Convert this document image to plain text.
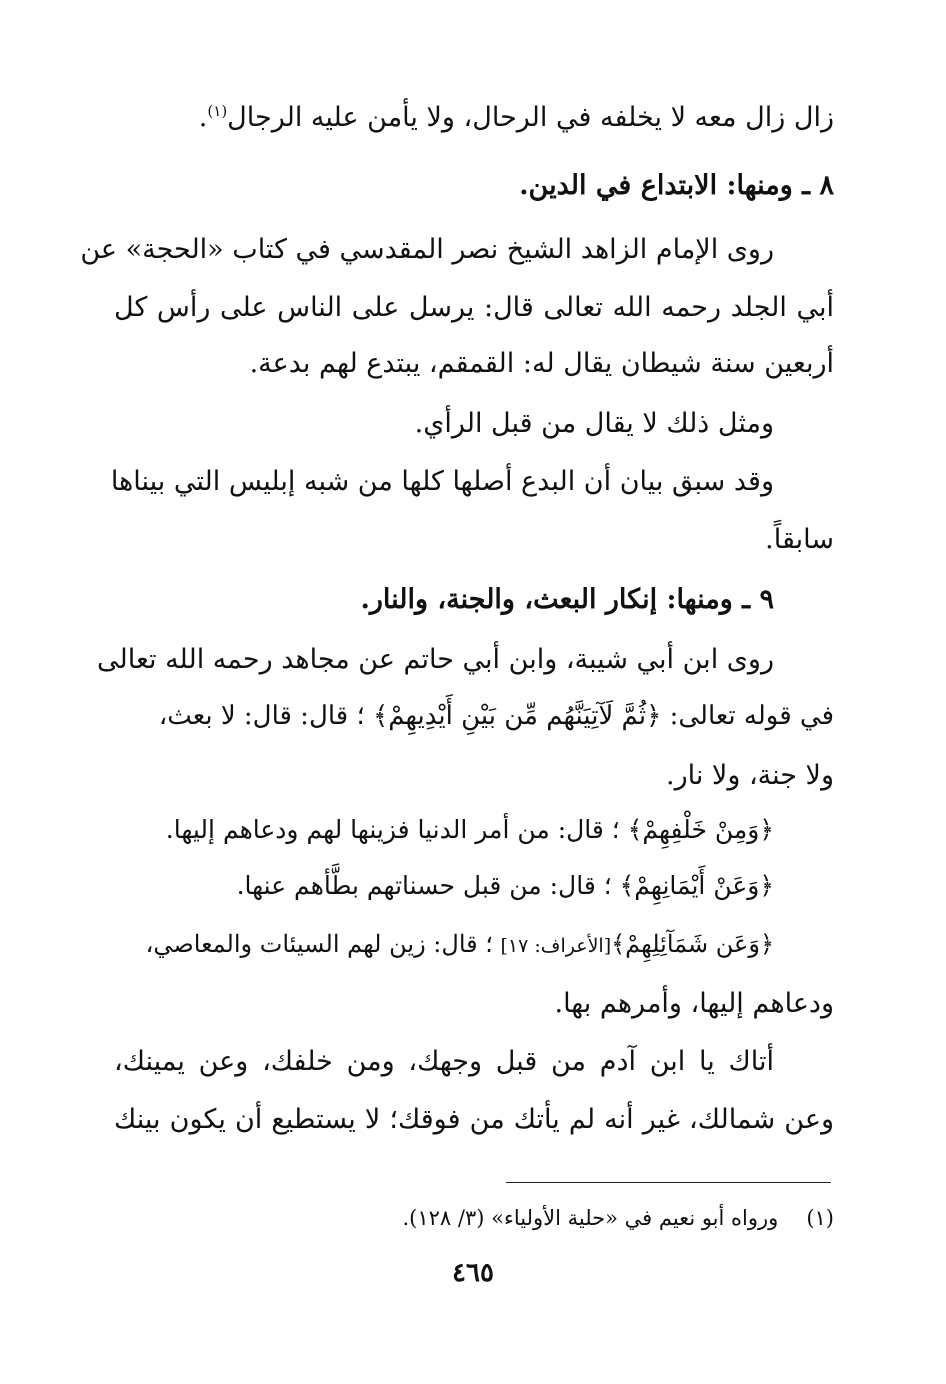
زال زال معه لا يخلفه في الرحال، ولا يأمن عليه الرجال$^{(١)}$.
٨ ـ ومنها: الابتداع في الدين.
روى الإمام الزاهد الشيخ نصر المقدسي في كتاب «الحجة» عن
أبي الجلد رحمه الله تعالى قال: يرسل على الناس على رأس كل
أربعين سنة شيطان يقال له: القمقم، يبتدع لهم بدعة.
ومثل ذلك لا يقال من قبل الرأي.
وقد سبق بيان أن البدع أصلها كلها من شبه إبليس التي بيناها
سابقاً.
٩ ـ ومنها: إنكار البعث، والجنة، والنار.
روى ابن أبي شيبة، وابن أبي حاتم عن مجاهد رحمه الله تعالى
في قوله تعالى: ﴿ثُمَّ لَآتِيَنَّهُم مِّن بَيْنِ أَيْدِيهِمْ﴾ ؛ قال: قال: لا بعث،
ولا جنة، ولا نار.
﴿وَمِنْ خَلْفِهِمْ﴾ ؛ قال: من أمر الدنيا فزينها لهم ودعاهم إليها.
﴿وَعَنْ أَيْمَانِهِمْ﴾ ؛ قال: من قبل حسناتهم بطَّأهم عنها.
﴿وَعَن شَمَآئِلِهِمْ﴾[الأعراف: ١٧] ؛ قال: زين لهم السيئات والمعاصي،
ودعاهم إليها، وأمرهم بها.
أتاك يا ابن آدم من قبل وجهك، ومن خلفك، وعن يمينك،
وعن شمالك، غير أنه لم يأتك من فوقك؛ لا يستطيع أن يكون بينك
(١)ورواه أبو نعيم في «حلية الأولياء» (٣/ ١٢٨).
٤٦٥
